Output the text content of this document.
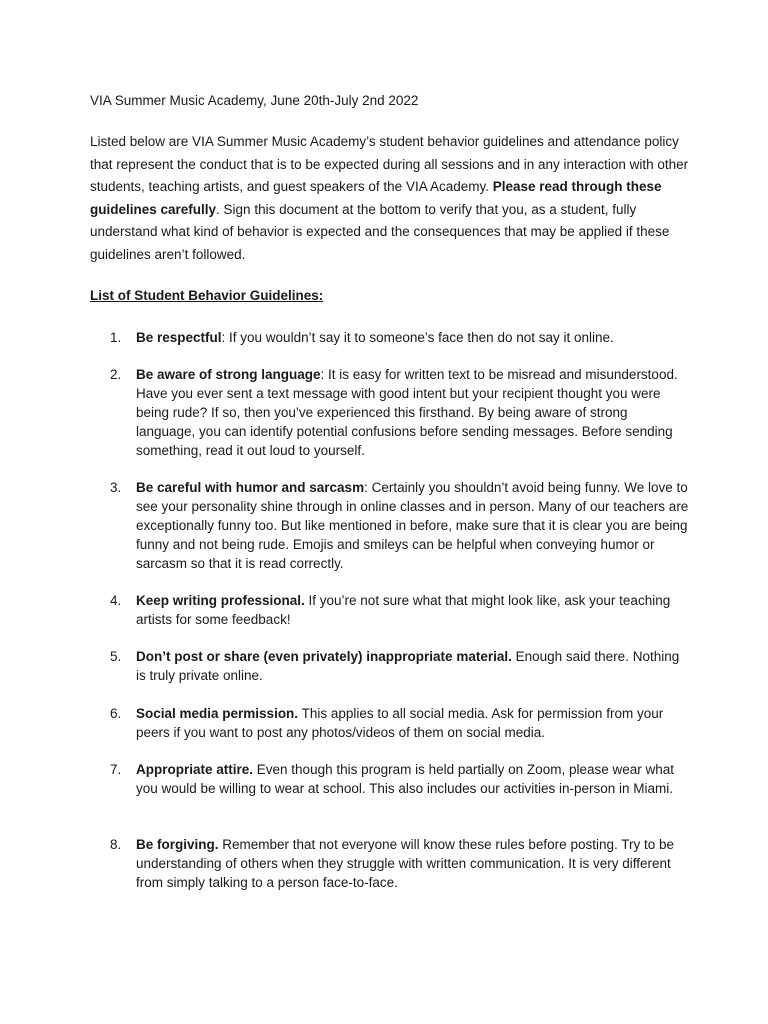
VIA Summer Music Academy, June 20th-July 2nd 2022

Listed below are VIA Summer Music Academy’s student behavior guidelines and attendance policy that represent the conduct that is to be expected during all sessions and in any interaction with other students, teaching artists, and guest speakers of the VIA Academy. Please read through these guidelines carefully. Sign this document at the bottom to verify that you, as a student, fully understand what kind of behavior is expected and the consequences that may be applied if these guidelines aren’t followed.

List of Student Behavior Guidelines:
1.	Be respectful: If you wouldn’t say it to someone’s face then do not say it online.
2.	Be aware of strong language: It is easy for written text to be misread and misunderstood. Have you ever sent a text message with good intent but your recipient thought you were being rude? If so, then you’ve experienced this firsthand. By being aware of strong language, you can identify potential confusions before sending messages. Before sending something, read it out loud to yourself.
3.	Be careful with humor and sarcasm: Certainly you shouldn’t avoid being funny. We love to see your personality shine through in online classes and in person. Many of our teachers are exceptionally funny too. But like mentioned in before, make sure that it is clear you are being funny and not being rude. Emojis and smileys can be helpful when conveying humor or sarcasm so that it is read correctly.
4.	Keep writing professional. If you’re not sure what that might look like, ask your teaching artists for some feedback!
5.	Don’t post or share (even privately) inappropriate material. Enough said there. Nothing is truly private online.
6.	Social media permission. This applies to all social media. Ask for permission from your peers if you want to post any photos/videos of them on social media.
7.	Appropriate attire. Even though this program is held partially on Zoom, please wear what you would be willing to wear at school. This also includes our activities in-person in Miami.
8.	Be forgiving. Remember that not everyone will know these rules before posting. Try to be understanding of others when they struggle with written communication. It is very different from simply talking to a person face-to-face.
